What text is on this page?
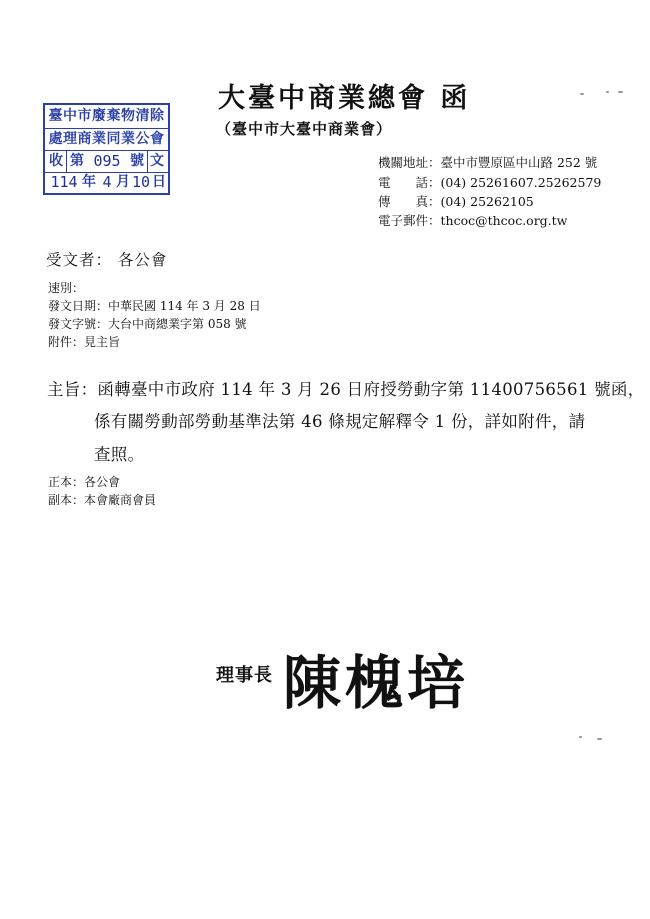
臺中市廢棄物清除
處理商業同業公會
收 第 095 號 文
114 年 4 月 10 日
大臺中商業總會 函
（臺中市大臺中商業會）
機關地址：臺中市豐原區中山路 252 號
電　　話：(04) 25261607.25262579
傳　　真：(04) 25262105
電子郵件：thcoc@thcoc.org.tw
受文者： 各公會
速別：
發文日期：中華民國 114 年 3 月 28 日
發文字號：大台中商總業字第 058 號
附件：見主旨
主旨：函轉臺中市政府 114 年 3 月 26 日府授勞動字第 11400756561 號函，
係有關勞動部勞動基準法第 46 條規定解釋令 1 份，詳如附件，請
查照。
正本：各公會
副本：本會廠商會員
理事長 陳槐培
